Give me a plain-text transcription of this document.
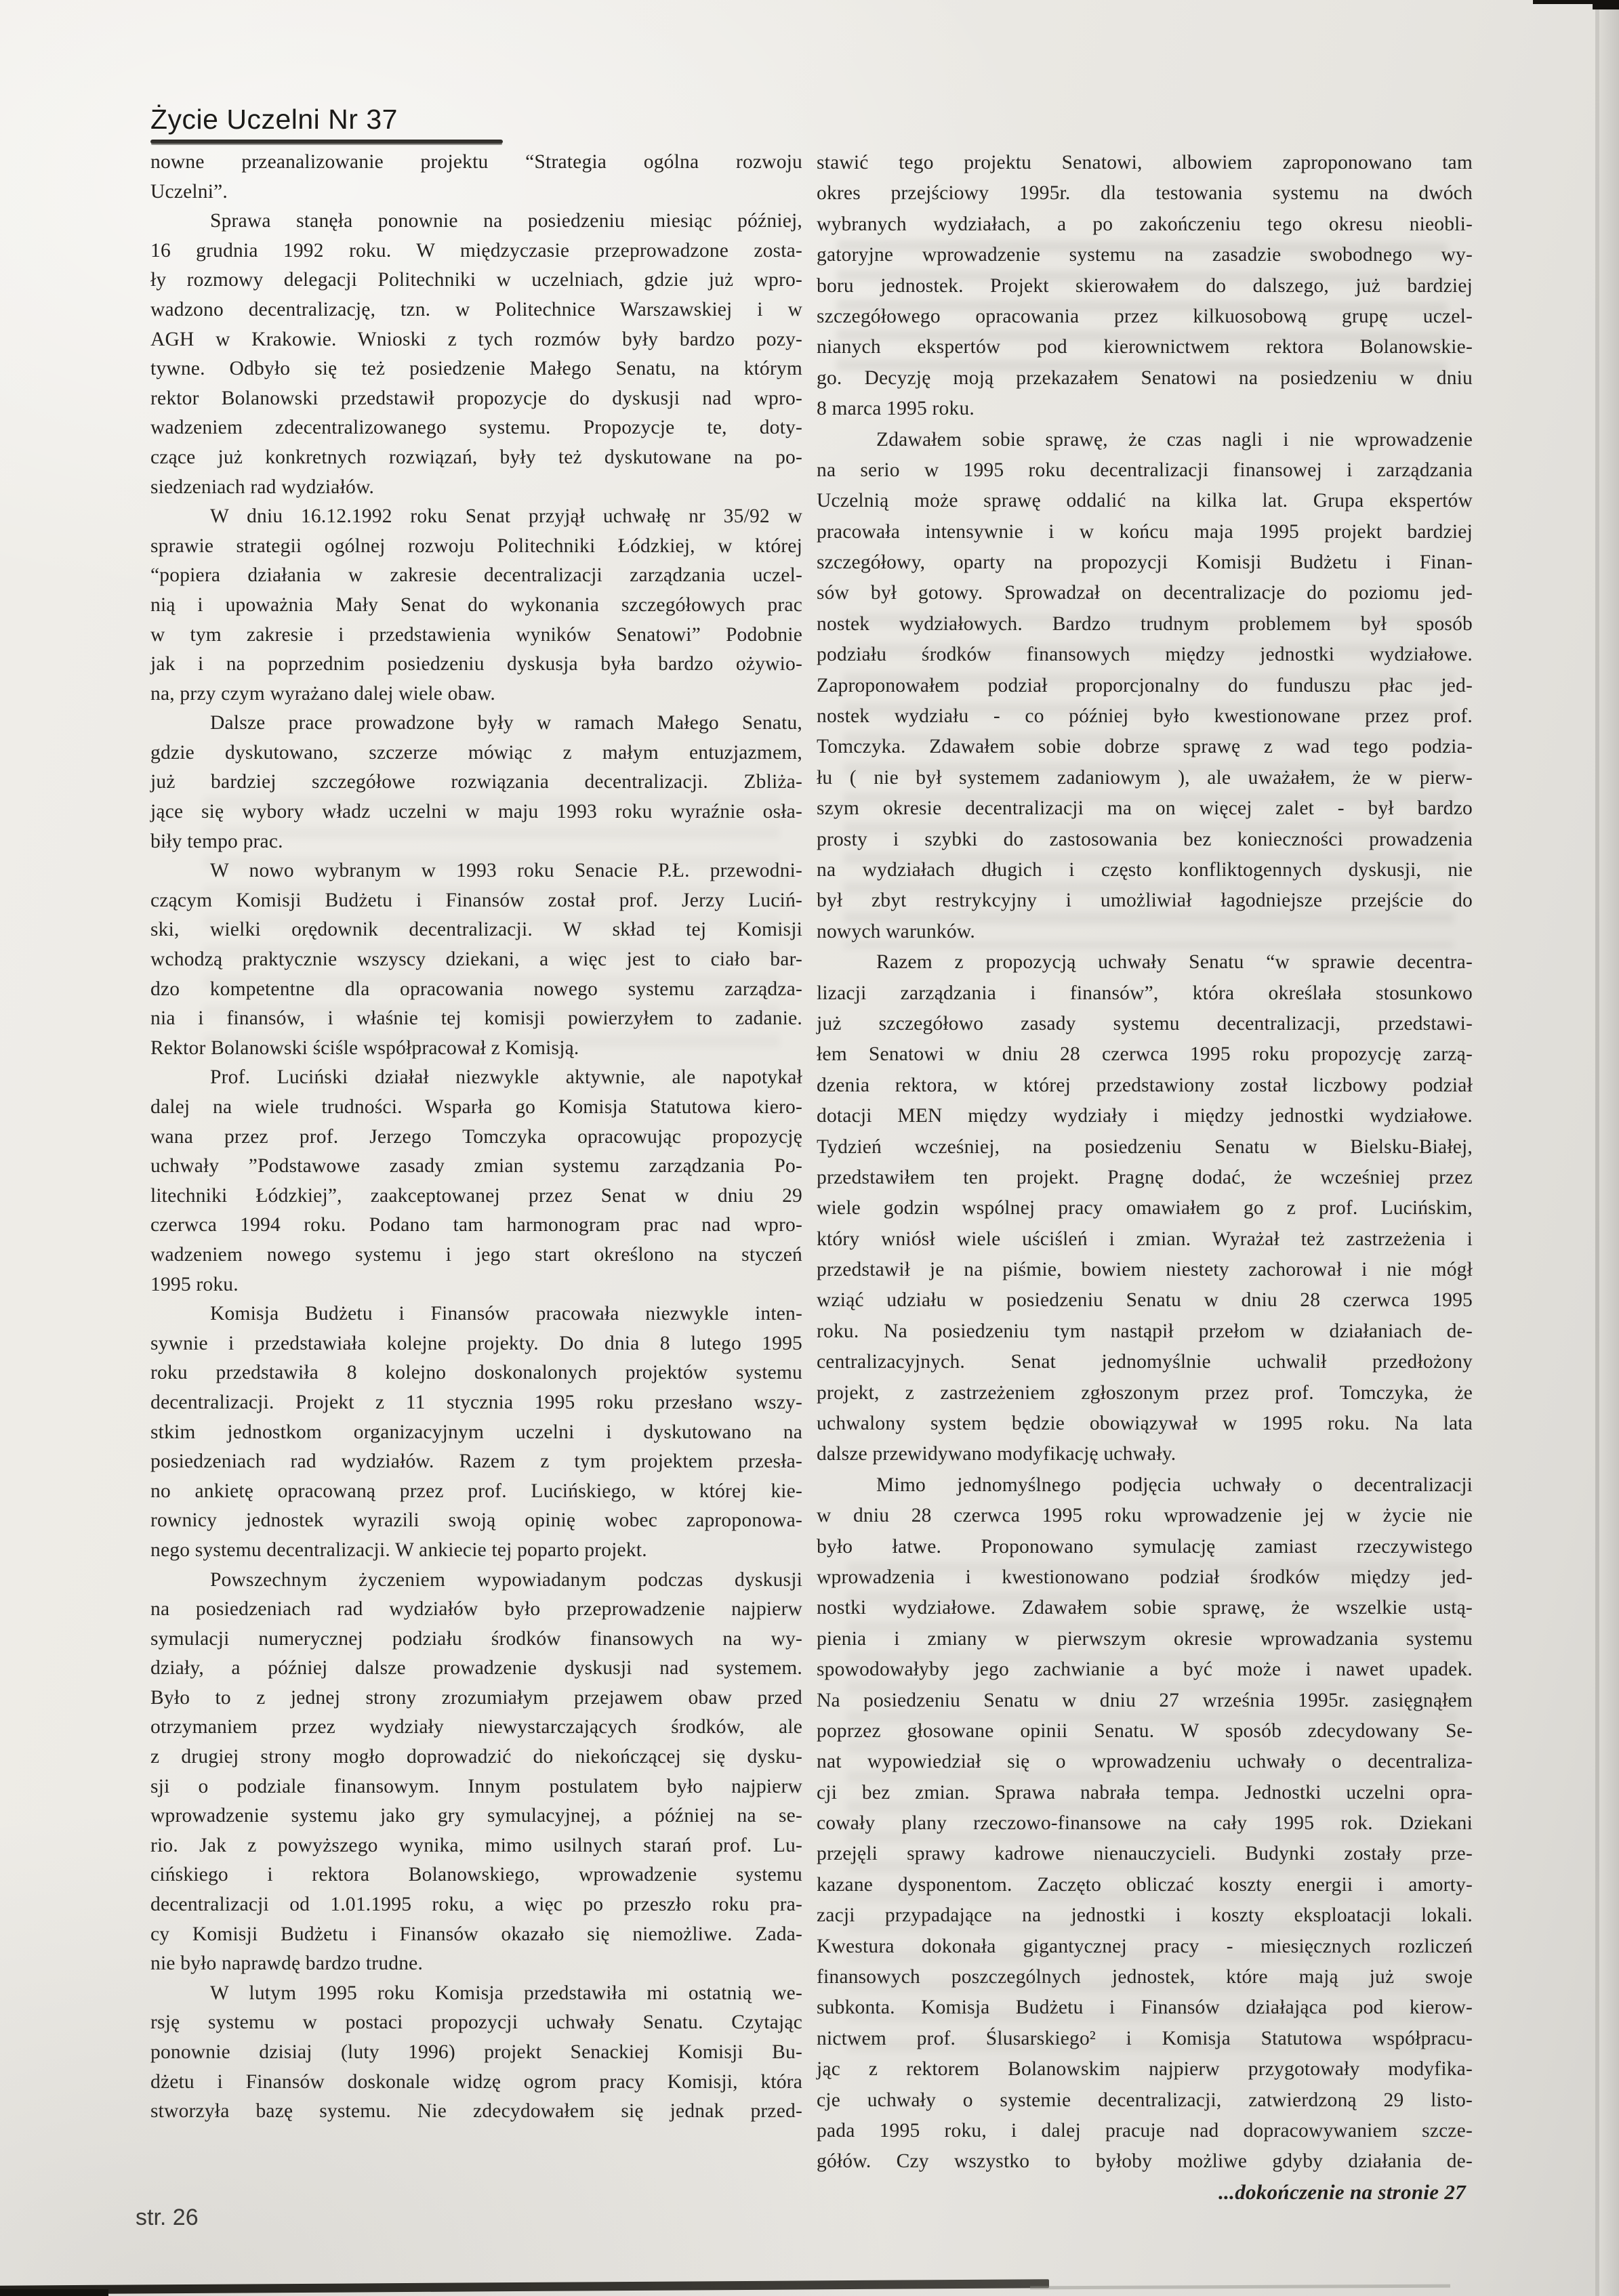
Życie Uczelni Nr 37
nowne przeanalizowanie projektu “Strategia ogólna rozwoju
Uczelni”.
Sprawa stanęła ponownie na posiedzeniu miesiąc później,
16 grudnia 1992 roku. W międzyczasie przeprowadzone zosta-
ły rozmowy delegacji Politechniki w uczelniach, gdzie już wpro-
wadzono decentralizację, tzn. w Politechnice Warszawskiej i w
AGH w Krakowie. Wnioski z tych rozmów były bardzo pozy-
tywne. Odbyło się też posiedzenie Małego Senatu, na którym
rektor Bolanowski przedstawił propozycje do dyskusji nad wpro-
wadzeniem zdecentralizowanego systemu. Propozycje te, doty-
czące już konkretnych rozwiązań, były też dyskutowane na po-
siedzeniach rad wydziałów.
W dniu 16.12.1992 roku Senat przyjął uchwałę nr 35/92 w
sprawie strategii ogólnej rozwoju Politechniki Łódzkiej, w której
“popiera działania w zakresie decentralizacji zarządzania uczel-
nią i upoważnia Mały Senat do wykonania szczegółowych prac
w tym zakresie i przedstawienia wyników Senatowi” Podobnie
jak i na poprzednim posiedzeniu dyskusja była bardzo ożywio-
na, przy czym wyrażano dalej wiele obaw.
Dalsze prace prowadzone były w ramach Małego Senatu,
gdzie dyskutowano, szczerze mówiąc z małym entuzjazmem,
już bardziej szczegółowe rozwiązania decentralizacji. Zbliża-
jące się wybory władz uczelni w maju 1993 roku wyraźnie osła-
biły tempo prac.
W nowo wybranym w 1993 roku Senacie P.Ł. przewodni-
czącym Komisji Budżetu i Finansów został prof. Jerzy Luciń-
ski, wielki orędownik decentralizacji. W skład tej Komisji
wchodzą praktycznie wszyscy dziekani, a więc jest to ciało bar-
dzo kompetentne dla opracowania nowego systemu zarządza-
nia i finansów, i właśnie tej komisji powierzyłem to zadanie.
Rektor Bolanowski ściśle współpracował z Komisją.
Prof. Luciński działał niezwykle aktywnie, ale napotykał
dalej na wiele trudności. Wsparła go Komisja Statutowa kiero-
wana przez prof. Jerzego Tomczyka opracowując propozycję
uchwały ”Podstawowe zasady zmian systemu zarządzania Po-
litechniki Łódzkiej”, zaakceptowanej przez Senat w dniu 29
czerwca 1994 roku. Podano tam harmonogram prac nad wpro-
wadzeniem nowego systemu i jego start określono na styczeń
1995 roku.
Komisja Budżetu i Finansów pracowała niezwykle inten-
sywnie i przedstawiała kolejne projekty. Do dnia 8 lutego 1995
roku przedstawiła 8 kolejno doskonalonych projektów systemu
decentralizacji. Projekt z 11 stycznia 1995 roku przesłano wszy-
stkim jednostkom organizacyjnym uczelni i dyskutowano na
posiedzeniach rad wydziałów. Razem z tym projektem przesła-
no ankietę opracowaną przez prof. Lucińskiego, w której kie-
rownicy jednostek wyrazili swoją opinię wobec zaproponowa-
nego systemu decentralizacji. W ankiecie tej poparto projekt.
Powszechnym życzeniem wypowiadanym podczas dyskusji
na posiedzeniach rad wydziałów było przeprowadzenie najpierw
symulacji numerycznej podziału środków finansowych na wy-
działy, a później dalsze prowadzenie dyskusji nad systemem.
Było to z jednej strony zrozumiałym przejawem obaw przed
otrzymaniem przez wydziały niewystarczających środków, ale
z drugiej strony mogło doprowadzić do niekończącej się dysku-
sji o podziale finansowym. Innym postulatem było najpierw
wprowadzenie systemu jako gry symulacyjnej, a później na se-
rio. Jak z powyższego wynika, mimo usilnych starań prof. Lu-
cińskiego i rektora Bolanowskiego, wprowadzenie systemu
decentralizacji od 1.01.1995 roku, a więc po przeszło roku pra-
cy Komisji Budżetu i Finansów okazało się niemożliwe. Zada-
nie było naprawdę bardzo trudne.
W lutym 1995 roku Komisja przedstawiła mi ostatnią we-
rsję systemu w postaci propozycji uchwały Senatu. Czytając
ponownie dzisiaj (luty 1996) projekt Senackiej Komisji Bu-
dżetu i Finansów doskonale widzę ogrom pracy Komisji, która
stworzyła bazę systemu. Nie zdecydowałem się jednak przed-
stawić tego projektu Senatowi, albowiem zaproponowano tam
okres przejściowy 1995r. dla testowania systemu na dwóch
wybranych wydziałach, a po zakończeniu tego okresu nieobli-
gatoryjne wprowadzenie systemu na zasadzie swobodnego wy-
boru jednostek. Projekt skierowałem do dalszego, już bardziej
szczegółowego opracowania przez kilkuosobową grupę uczel-
nianych ekspertów pod kierownictwem rektora Bolanowskie-
go. Decyzję moją przekazałem Senatowi na posiedzeniu w dniu
8 marca 1995 roku.
Zdawałem sobie sprawę, że czas nagli i nie wprowadzenie
na serio w 1995 roku decentralizacji finansowej i zarządzania
Uczelnią może sprawę oddalić na kilka lat. Grupa ekspertów
pracowała intensywnie i w końcu maja 1995 projekt bardziej
szczegółowy, oparty na propozycji Komisji Budżetu i Finan-
sów był gotowy. Sprowadzał on decentralizacje do poziomu jed-
nostek wydziałowych. Bardzo trudnym problemem był sposób
podziału środków finansowych między jednostki wydziałowe.
Zaproponowałem podział proporcjonalny do funduszu płac jed-
nostek wydziału - co później było kwestionowane przez prof.
Tomczyka. Zdawałem sobie dobrze sprawę z wad tego podzia-
łu ( nie był systemem zadaniowym ), ale uważałem, że w pierw-
szym okresie decentralizacji ma on więcej zalet - był bardzo
prosty i szybki do zastosowania bez konieczności prowadzenia
na wydziałach długich i często konfliktogennych dyskusji, nie
był zbyt restrykcyjny i umożliwiał łagodniejsze przejście do
nowych warunków.
Razem z propozycją uchwały Senatu “w sprawie decentra-
lizacji zarządzania i finansów”, która określała stosunkowo
już szczegółowo zasady systemu decentralizacji, przedstawi-
łem Senatowi w dniu 28 czerwca 1995 roku propozycję zarzą-
dzenia rektora, w której przedstawiony został liczbowy podział
dotacji MEN między wydziały i między jednostki wydziałowe.
Tydzień wcześniej, na posiedzeniu Senatu w Bielsku-Białej,
przedstawiłem ten projekt. Pragnę dodać, że wcześniej przez
wiele godzin wspólnej pracy omawiałem go z prof. Lucińskim,
który wniósł wiele uściśleń i zmian. Wyrażał też zastrzeżenia i
przedstawił je na piśmie, bowiem niestety zachorował i nie mógł
wziąć udziału w posiedzeniu Senatu w dniu 28 czerwca 1995
roku. Na posiedzeniu tym nastąpił przełom w działaniach de-
centralizacyjnych. Senat jednomyślnie uchwalił przedłożony
projekt, z zastrzeżeniem zgłoszonym przez prof. Tomczyka, że
uchwalony system będzie obowiązywał w 1995 roku. Na lata
dalsze przewidywano modyfikację uchwały.
Mimo jednomyślnego podjęcia uchwały o decentralizacji
w dniu 28 czerwca 1995 roku wprowadzenie jej w życie nie
było łatwe. Proponowano symulację zamiast rzeczywistego
wprowadzenia i kwestionowano podział środków między jed-
nostki wydziałowe. Zdawałem sobie sprawę, że wszelkie ustą-
pienia i zmiany w pierwszym okresie wprowadzania systemu
spowodowałyby jego zachwianie a być może i nawet upadek.
Na posiedzeniu Senatu w dniu 27 września 1995r. zasięgnąłem
poprzez głosowane opinii Senatu. W sposób zdecydowany Se-
nat wypowiedział się o wprowadzeniu uchwały o decentraliza-
cji bez zmian. Sprawa nabrała tempa. Jednostki uczelni opra-
cowały plany rzeczowo-finansowe na cały 1995 rok. Dziekani
przejęli sprawy kadrowe nienauczycieli. Budynki zostały prze-
kazane dysponentom. Zaczęto obliczać koszty energii i amorty-
zacji przypadające na jednostki i koszty eksploatacji lokali.
Kwestura dokonała gigantycznej pracy - miesięcznych rozliczeń
finansowych poszczególnych jednostek, które mają już swoje
subkonta. Komisja Budżetu i Finansów działająca pod kierow-
nictwem prof. Ślusarskiego² i Komisja Statutowa współpracu-
jąc z rektorem Bolanowskim najpierw przygotowały modyfika-
cje uchwały o systemie decentralizacji, zatwierdzoną 29 listo-
pada 1995 roku, i dalej pracuje nad dopracowywaniem szcze-
gółów. Czy wszystko to byłoby możliwe gdyby działania de-
...dokończenie na stronie 27
str. 26
